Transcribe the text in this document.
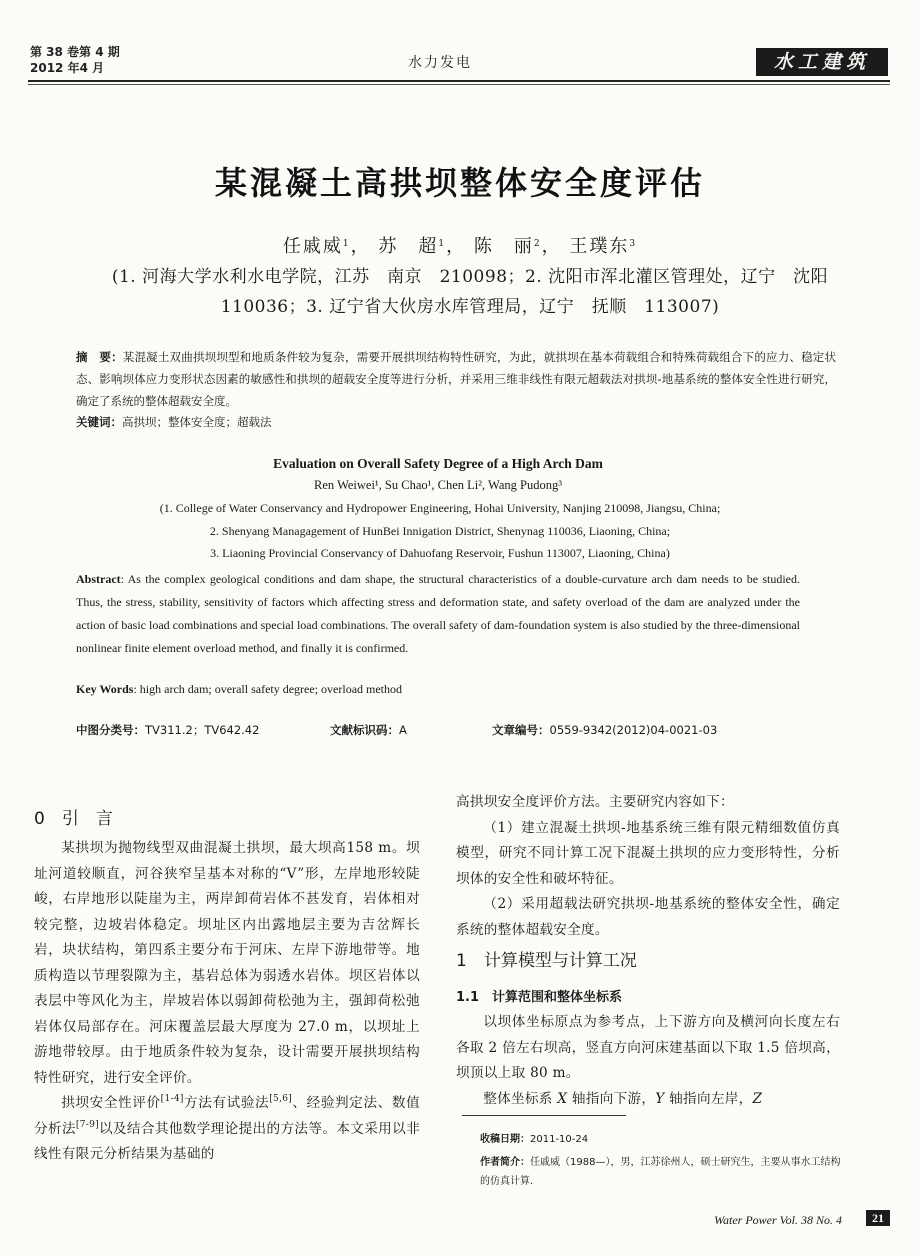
第 38 卷第 4 期
2012 年4 月	水力发电	水工建筑
某混凝土高拱坝整体安全度评估
任戚威$^1$， 苏　超$^1$， 陈　丽$^2$， 王璞东$^3$
(1. 河海大学水利水电学院，江苏　南京　210098；2. 沈阳市浑北灌区管理处，辽宁　沈阳
110036；3. 辽宁省大伙房水库管理局，辽宁　抚顺　113007)
摘　要：某混凝土双曲拱坝坝型和地质条件较为复杂，需要开展拱坝结构特性研究，为此，就拱坝在基本荷载组合和特殊荷载组合下的应力、稳定状态、影响坝体应力变形状态因素的敏感性和拱坝的超载安全度等进行分析，并采用三维非线性有限元超载法对拱坝-地基系统的整体安全性进行研究，确定了系统的整体超载安全度。
关键词：高拱坝；整体安全度；超载法
Evaluation on Overall Safety Degree of a High Arch Dam
Ren Weiwei¹, Su Chao¹, Chen Li², Wang Pudong³
(1. College of Water Conservancy and Hydropower Engineering, Hohai University, Nanjing 210098, Jiangsu, China;
2. Shenyang Managagement of HunBei Innigation District, Shenynag 110036, Liaoning, China;
3. Liaoning Provincial Conservancy of Dahuofang Reservoir, Fushun 113007, Liaoning, China)
Abstract: As the complex geological conditions and dam shape, the structural characteristics of a double-curvature arch dam needs to be studied. Thus, the stress, stability, sensitivity of factors which affecting stress and deformation state, and safety overload of the dam are analyzed under the action of basic load combinations and special load combinations. The overall safety of dam-foundation system is also studied by the three-dimensional nonlinear finite element overload method, and finally it is confirmed.
Key Words: high arch dam; overall safety degree; overload method
中图分类号：TV311.2；TV642.42	文献标识码：A	文章编号：0559-9342(2012)04-0021-03
0　引　言

某拱坝为抛物线型双曲混凝土拱坝，最大坝高158 m。坝址河道较顺直，河谷狭窄呈基本对称的“V”形，左岸地形较陡峻，右岸地形以陡崖为主，两岸卸荷岩体不甚发育，岩体相对较完整，边坡岩体稳定。坝址区内出露地层主要为吉岔辉长岩，块状结构，第四系主要分布于河床、左岸下游地带等。地质构造以节理裂隙为主，基岩总体为弱透水岩体。坝区岩体以表层中等风化为主，岸坡岩体以弱卸荷松弛为主，强卸荷松弛岩体仅局部存在。河床覆盖层最大厚度为 27.0 m，以坝址上游地带较厚。由于地质条件较为复杂，设计需要开展拱坝结构特性研究，进行安全评价。

拱坝安全性评价[1-4]方法有试验法[5,6]、经验判定法、数值分析法[7-9]以及结合其他数学理论提出的方法等。本文采用以非线性有限元分析结果为基础的

高拱坝安全度评价方法。主要研究内容如下：

（1）建立混凝土拱坝-地基系统三维有限元精细数值仿真模型，研究不同计算工况下混凝土拱坝的应力变形特性，分析坝体的安全性和破坏特征。

（2）采用超载法研究拱坝-地基系统的整体安全性，确定系统的整体超载安全度。

1　计算模型与计算工况
1.1　计算范围和整体坐标系

以坝体坐标原点为参考点，上下游方向及横河向长度左右各取 2 倍左右坝高，竖直方向河床建基面以下取 1.5 倍坝高，坝顶以上取 80 m。

整体坐标系 X 轴指向下游，Y 轴指向左岸，Z

收稿日期：2011-10-24
作者简介：任戚威（1988—），男，江苏徐州人，硕士研究生，主要从事水工结构的仿真计算.
Water Power Vol. 38 No. 4	21
